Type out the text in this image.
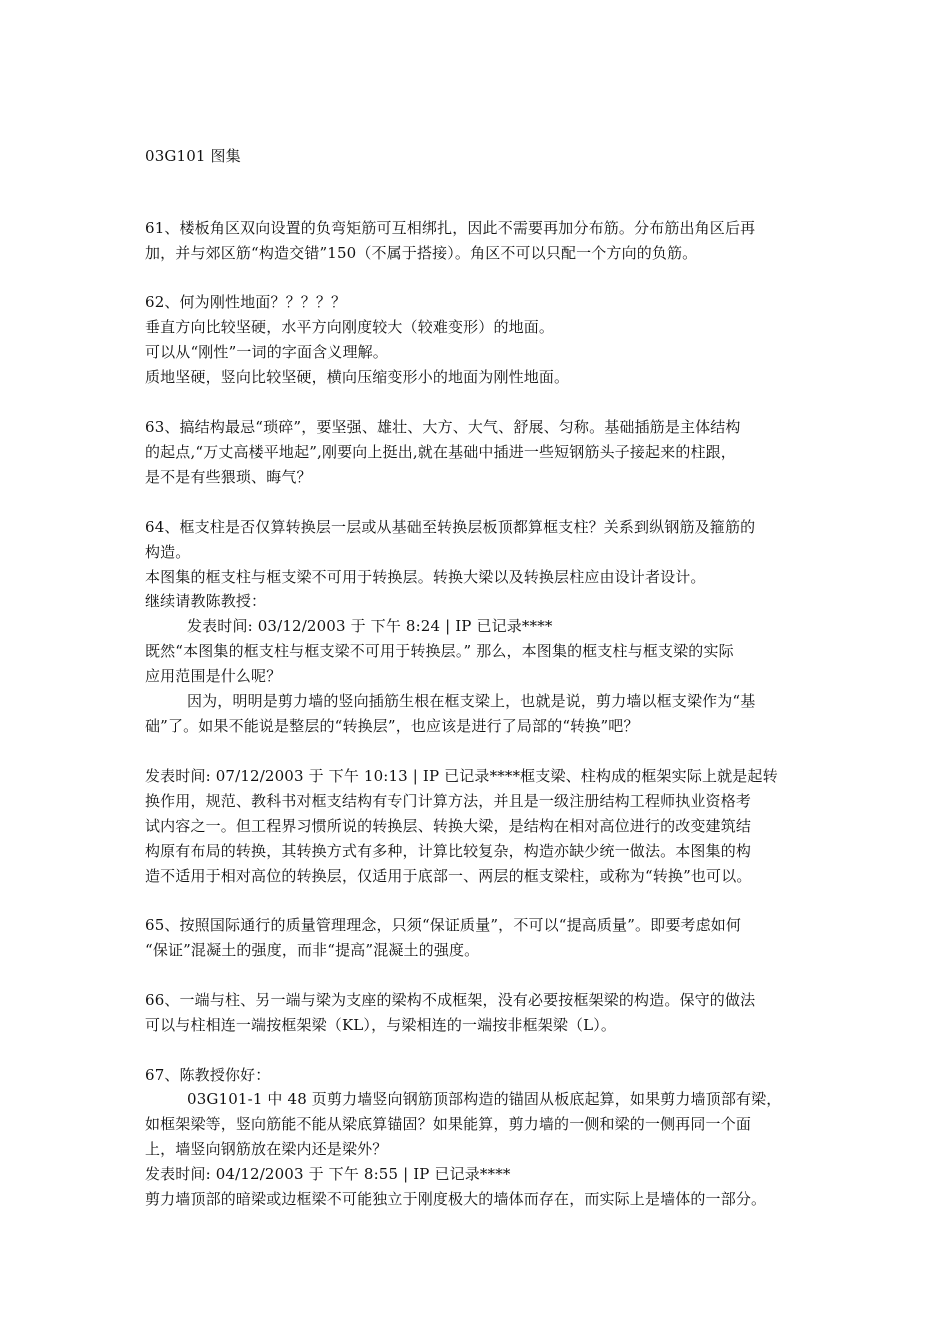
03G101 图集
61、楼板角区双向设置的负弯矩筋可互相绑扎，因此不需要再加分布筋。分布筋出角区后再
加，并与郊区筋“构造交错”150（不属于搭接）。角区不可以只配一个方向的负筋。
62、何为刚性地面？？？？？
垂直方向比较坚硬，水平方向刚度较大（较难变形）的地面。
可以从“刚性”一词的字面含义理解。
质地坚硬，竖向比较坚硬，横向压缩变形小的地面为刚性地面。
63、搞结构最忌“琐碎”，要坚强、雄壮、大方、大气、舒展、匀称。基础插筋是主体结构
的起点,“万丈高楼平地起”,刚要向上挺出,就在基础中插进一些短钢筋头子接起来的柱跟，
是不是有些猥琐、晦气？
64、框支柱是否仅算转换层一层或从基础至转换层板顶都算框支柱？关系到纵钢筋及箍筋的
构造。
本图集的框支柱与框支梁不可用于转换层。转换大梁以及转换层柱应由设计者设计。
继续请教陈教授：
发表时间: 03/12/2003 于 下午 8:24 | IP 已记录****
既然“本图集的框支柱与框支梁不可用于转换层。” 那么，本图集的框支柱与框支梁的实际
应用范围是什么呢？
因为，明明是剪力墙的竖向插筋生根在框支梁上，也就是说，剪力墙以框支梁作为“基
础”了。如果不能说是整层的“转换层”，也应该是进行了局部的“转换”吧？
发表时间: 07/12/2003 于 下午 10:13 | IP 已记录****框支梁、柱构成的框架实际上就是起转
换作用，规范、教科书对框支结构有专门计算方法，并且是一级注册结构工程师执业资格考
试内容之一。但工程界习惯所说的转换层、转换大梁，是结构在相对高位进行的改变建筑结
构原有布局的转换，其转换方式有多种，计算比较复杂，构造亦缺少统一做法。本图集的构
造不适用于相对高位的转换层，仅适用于底部一、两层的框支梁柱，或称为“转换”也可以。
65、按照国际通行的质量管理理念，只须“保证质量”，不可以“提高质量”。即要考虑如何
“保证”混凝土的强度，而非“提高”混凝土的强度。
66、一端与柱、另一端与梁为支座的梁构不成框架，没有必要按框架梁的构造。保守的做法
可以与柱相连一端按框架梁（KL），与梁相连的一端按非框架梁（L）。
67、陈教授你好：
03G101-1 中 48 页剪力墙竖向钢筋顶部构造的锚固从板底起算，如果剪力墙顶部有梁，
如框架梁等，竖向筋能不能从梁底算锚固？如果能算，剪力墙的一侧和梁的一侧再同一个面
上，墙竖向钢筋放在梁内还是梁外？
发表时间: 04/12/2003 于 下午 8:55 | IP 已记录****
剪力墙顶部的暗梁或边框梁不可能独立于刚度极大的墙体而存在，而实际上是墙体的一部分。
